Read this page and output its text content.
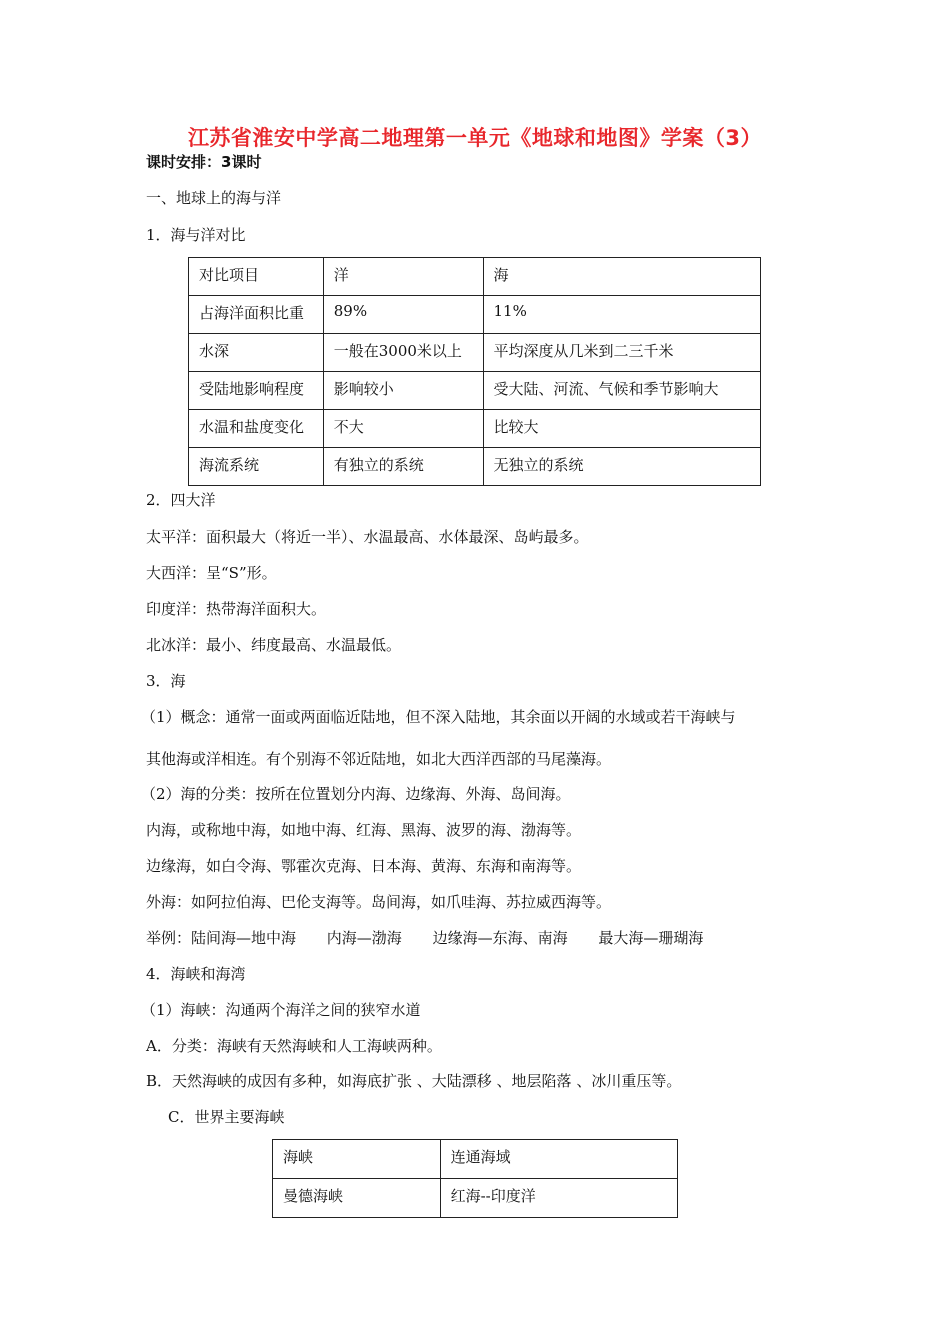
江苏省淮安中学高二地理第一单元《地球和地图》学案（3）
课时安排：3课时
一、地球上的海与洋
1．海与洋对比
对比项目	洋	海
占海洋面积比重	89%	11%
水深	一般在3000米以上	平均深度从几米到二三千米
受陆地影响程度	影响较小	受大陆、河流、气候和季节影响大
水温和盐度变化	不大	比较大
海流系统	有独立的系统	无独立的系统
2．四大洋
太平洋：面积最大（将近一半）、水温最高、水体最深、岛屿最多。
大西洋：呈“S”形。
印度洋：热带海洋面积大。
北冰洋：最小、纬度最高、水温最低。
3．海
（1）概念：通常一面或两面临近陆地，但不深入陆地，其余面以开阔的水域或若干海峡与
其他海或洋相连。有个别海不邻近陆地，如北大西洋西部的马尾藻海。
（2）海的分类：按所在位置划分内海、边缘海、外海、岛间海。
内海，或称地中海，如地中海、红海、黑海、波罗的海、渤海等。
边缘海，如白令海、鄂霍次克海、日本海、黄海、东海和南海等。
外海：如阿拉伯海、巴伦支海等。岛间海，如爪哇海、苏拉威西海等。
举例：陆间海—地中海 内海—渤海 边缘海—东海、南海 最大海—珊瑚海
4．海峡和海湾
（1）海峡：沟通两个海洋之间的狭窄水道
A．分类：海峡有天然海峡和人工海峡两种。
B．天然海峡的成因有多种，如海底扩张 、大陆漂移 、地层陷落 、冰川重压等。
C．世界主要海峡
海峡	连通海域
曼德海峡	红海--印度洋
